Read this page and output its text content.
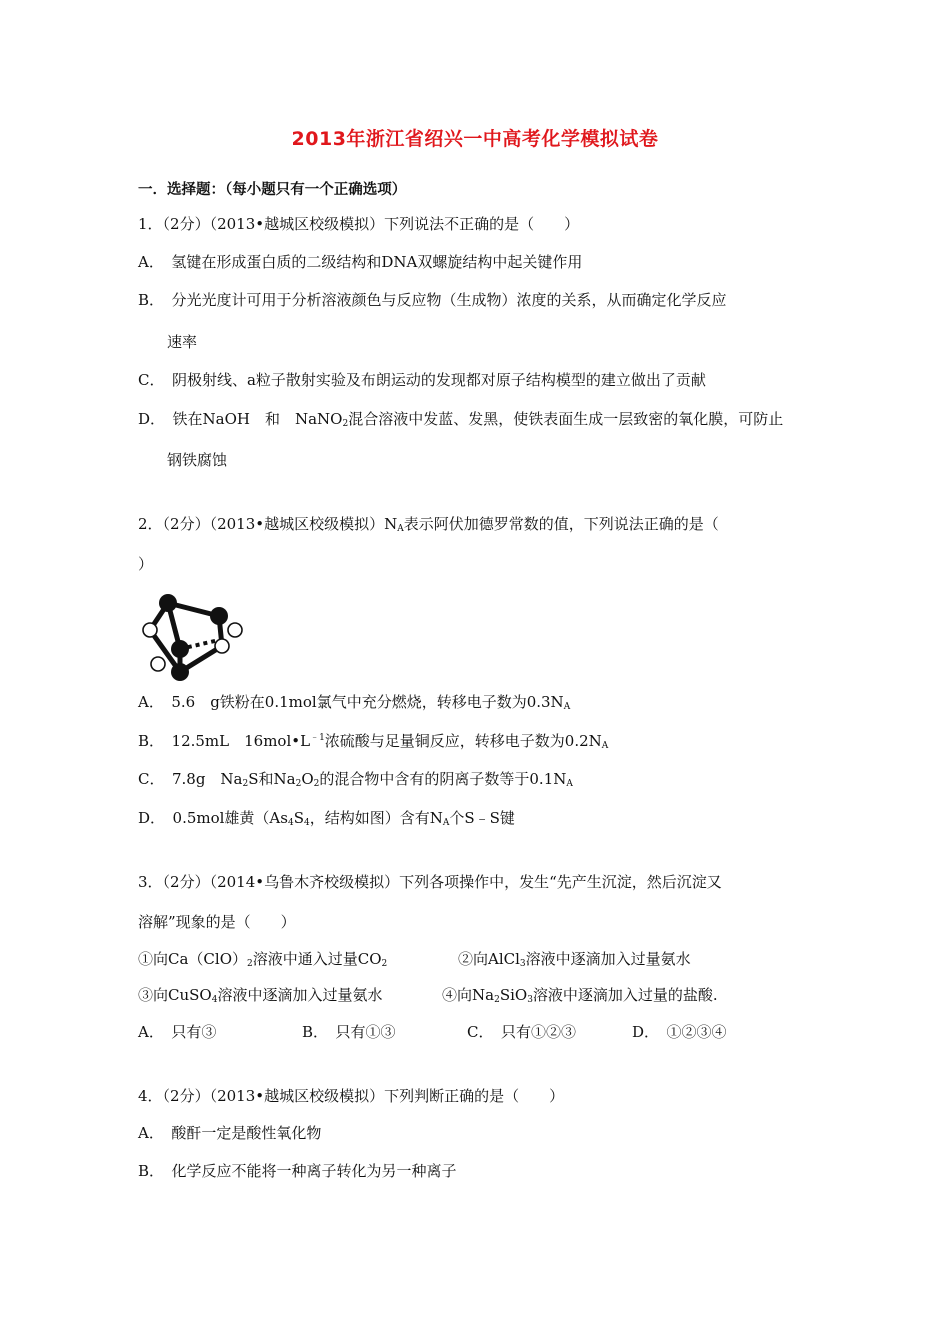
2013年浙江省绍兴一中高考化学模拟试卷
一．选择题：（每小题只有一个正确选项）
1．（2分）（2013•越城区校级模拟）下列说法不正确的是（　　）
A．　氢键在形成蛋白质的二级结构和DNA双螺旋结构中起关键作用
B．　分光光度计可用于分析溶液颜色与反应物（生成物）浓度的关系，从而确定化学反应
速率
C．　阴极射线、a粒子散射实验及布朗运动的发现都对原子结构模型的建立做出了贡献
D．　铁在NaOH　和　NaNO$_2$混合溶液中发蓝、发黑，使铁表面生成一层致密的氧化膜，可防止
钢铁腐蚀
2．（2分）（2013•越城区校级模拟）$N_A$表示阿伏加德罗常数的值，下列说法正确的是（
）
A．　5.6　g铁粉在0.1mol氯气中充分燃烧，转移电子数为$0.3N_A$
B．　12.5mL　$16mol•L^{﹣1}$浓硫酸与足量铜反应，转移电子数为$0.2N_A$
C．　7.8g　$Na_2S$和$Na_2O_2$的混合物中含有的阴离子数等于$0.1N_A$
D．　0.5mol雄黄（$As_4S_4$，结构如图）含有$N_A$个S﹣S键
3．（2分）（2014•乌鲁木齐校级模拟）下列各项操作中，发生“先产生沉淀，然后沉淀又
溶解”现象的是（　　）
①向$Ca(ClO)_2$溶液中通入过量$CO_2$	②向AlCl$_3$溶液中逐滴加入过量氨水
③向CuSO$_4$溶液中逐滴加入过量氨水	④向$Na_2SiO_3$溶液中逐滴加入过量的盐酸.
A．　只有③	B．　只有①③	C．　只有①②③	D．　①②③④
4．（2分）（2013•越城区校级模拟）下列判断正确的是（　　）
A．　酸酐一定是酸性氧化物
B．　化学反应不能将一种离子转化为另一种离子
